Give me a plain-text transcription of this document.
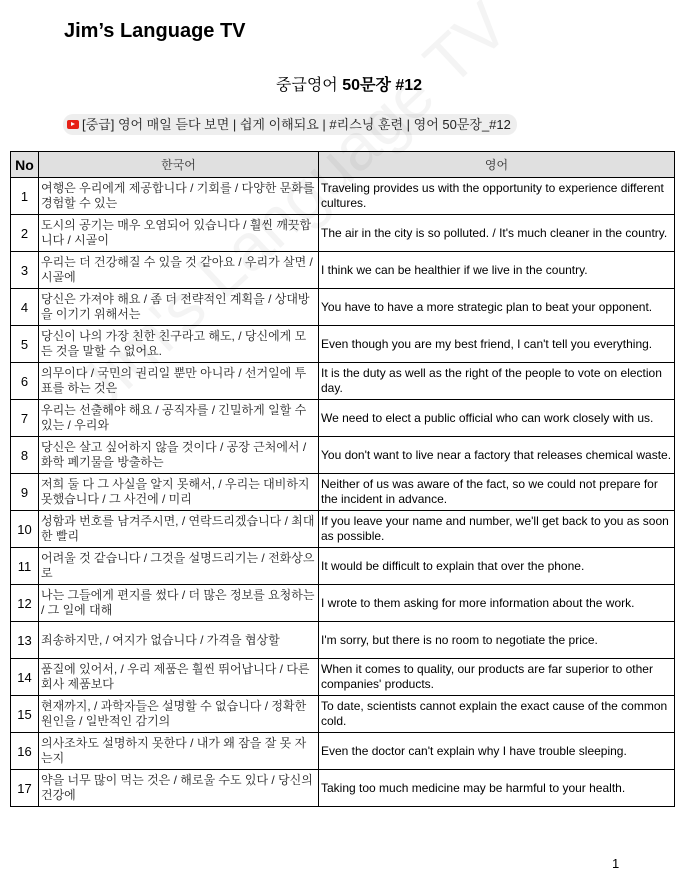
Jim’s Language TV
중급영어 50문장 #12
[중급] 영어 매일 듣다 보면 | 쉽게 이해되요 | #리스닝 훈련 | 영어 50문장_#12
No	한국어	영어
1	여행은 우리에게 제공합니다 / 기회를 / 다양한 문화를 경험할 수 있는	Traveling provides us with the opportunity to experience different cultures.
2	도시의 공기는 매우 오염되어 있습니다 / 훨씬 깨끗합니다 / 시골이	The air in the city is so polluted. / It's much cleaner in the country.
3	우리는 더 건강해질 수 있을 것 같아요 / 우리가 살면 / 시골에	I think we can be healthier if we live in the country.
4	당신은 가져야 해요 / 좀 더 전략적인 계획을 / 상대방을 이기기 위해서는	You have to have a more strategic plan to beat your opponent.
5	당신이 나의 가장 친한 친구라고 해도, / 당신에게 모든 것을 말할 수 없어요.	Even though you are my best friend, I can't tell you everything.
6	의무이다 / 국민의 권리일 뿐만 아니라 / 선거일에 투표를 하는 것은	It is the duty as well as the right of the people to vote on election day.
7	우리는 선출해야 해요 / 공직자를 / 긴밀하게 일할 수 있는 / 우리와	We need to elect a public official who can work closely with us.
8	당신은 살고 싶어하지 않을 것이다 / 공장 근처에서 / 화학 폐기물을 방출하는	You don't want to live near a factory that releases chemical waste.
9	저희 둘 다 그 사실을 알지 못해서, / 우리는 대비하지 못했습니다 / 그 사건에 / 미리	Neither of us was aware of the fact, so we could not prepare for the incident in advance.
10	성함과 번호를 남겨주시면, / 연락드리겠습니다 / 최대한 빨리	If you leave your name and number, we'll get back to you as soon as possible.
11	어려울 것 같습니다 / 그것을 설명드리기는 / 전화상으로	It would be difficult to explain that over the phone.
12	나는 그들에게 편지를 썼다 / 더 많은 정보를 요청하는 / 그 일에 대해	I wrote to them asking for more information about the work.
13	죄송하지만, / 여지가 없습니다 / 가격을 협상할	I'm sorry, but there is no room to negotiate the price.
14	품질에 있어서, / 우리 제품은 훨씬 뛰어납니다 / 다른 회사 제품보다	When it comes to quality, our products are far superior to other companies' products.
15	현재까지, / 과학자들은 설명할 수 없습니다 / 정확한 원인을 / 일반적인 감기의	To date, scientists cannot explain the exact cause of the common cold.
16	의사조차도 설명하지 못한다 / 내가 왜 잠을 잘 못 자는지	Even the doctor can't explain why I have trouble sleeping.
17	약을 너무 많이 먹는 것은 / 해로울 수도 있다 / 당신의 건강에	Taking too much medicine may be harmful to your health.
1
